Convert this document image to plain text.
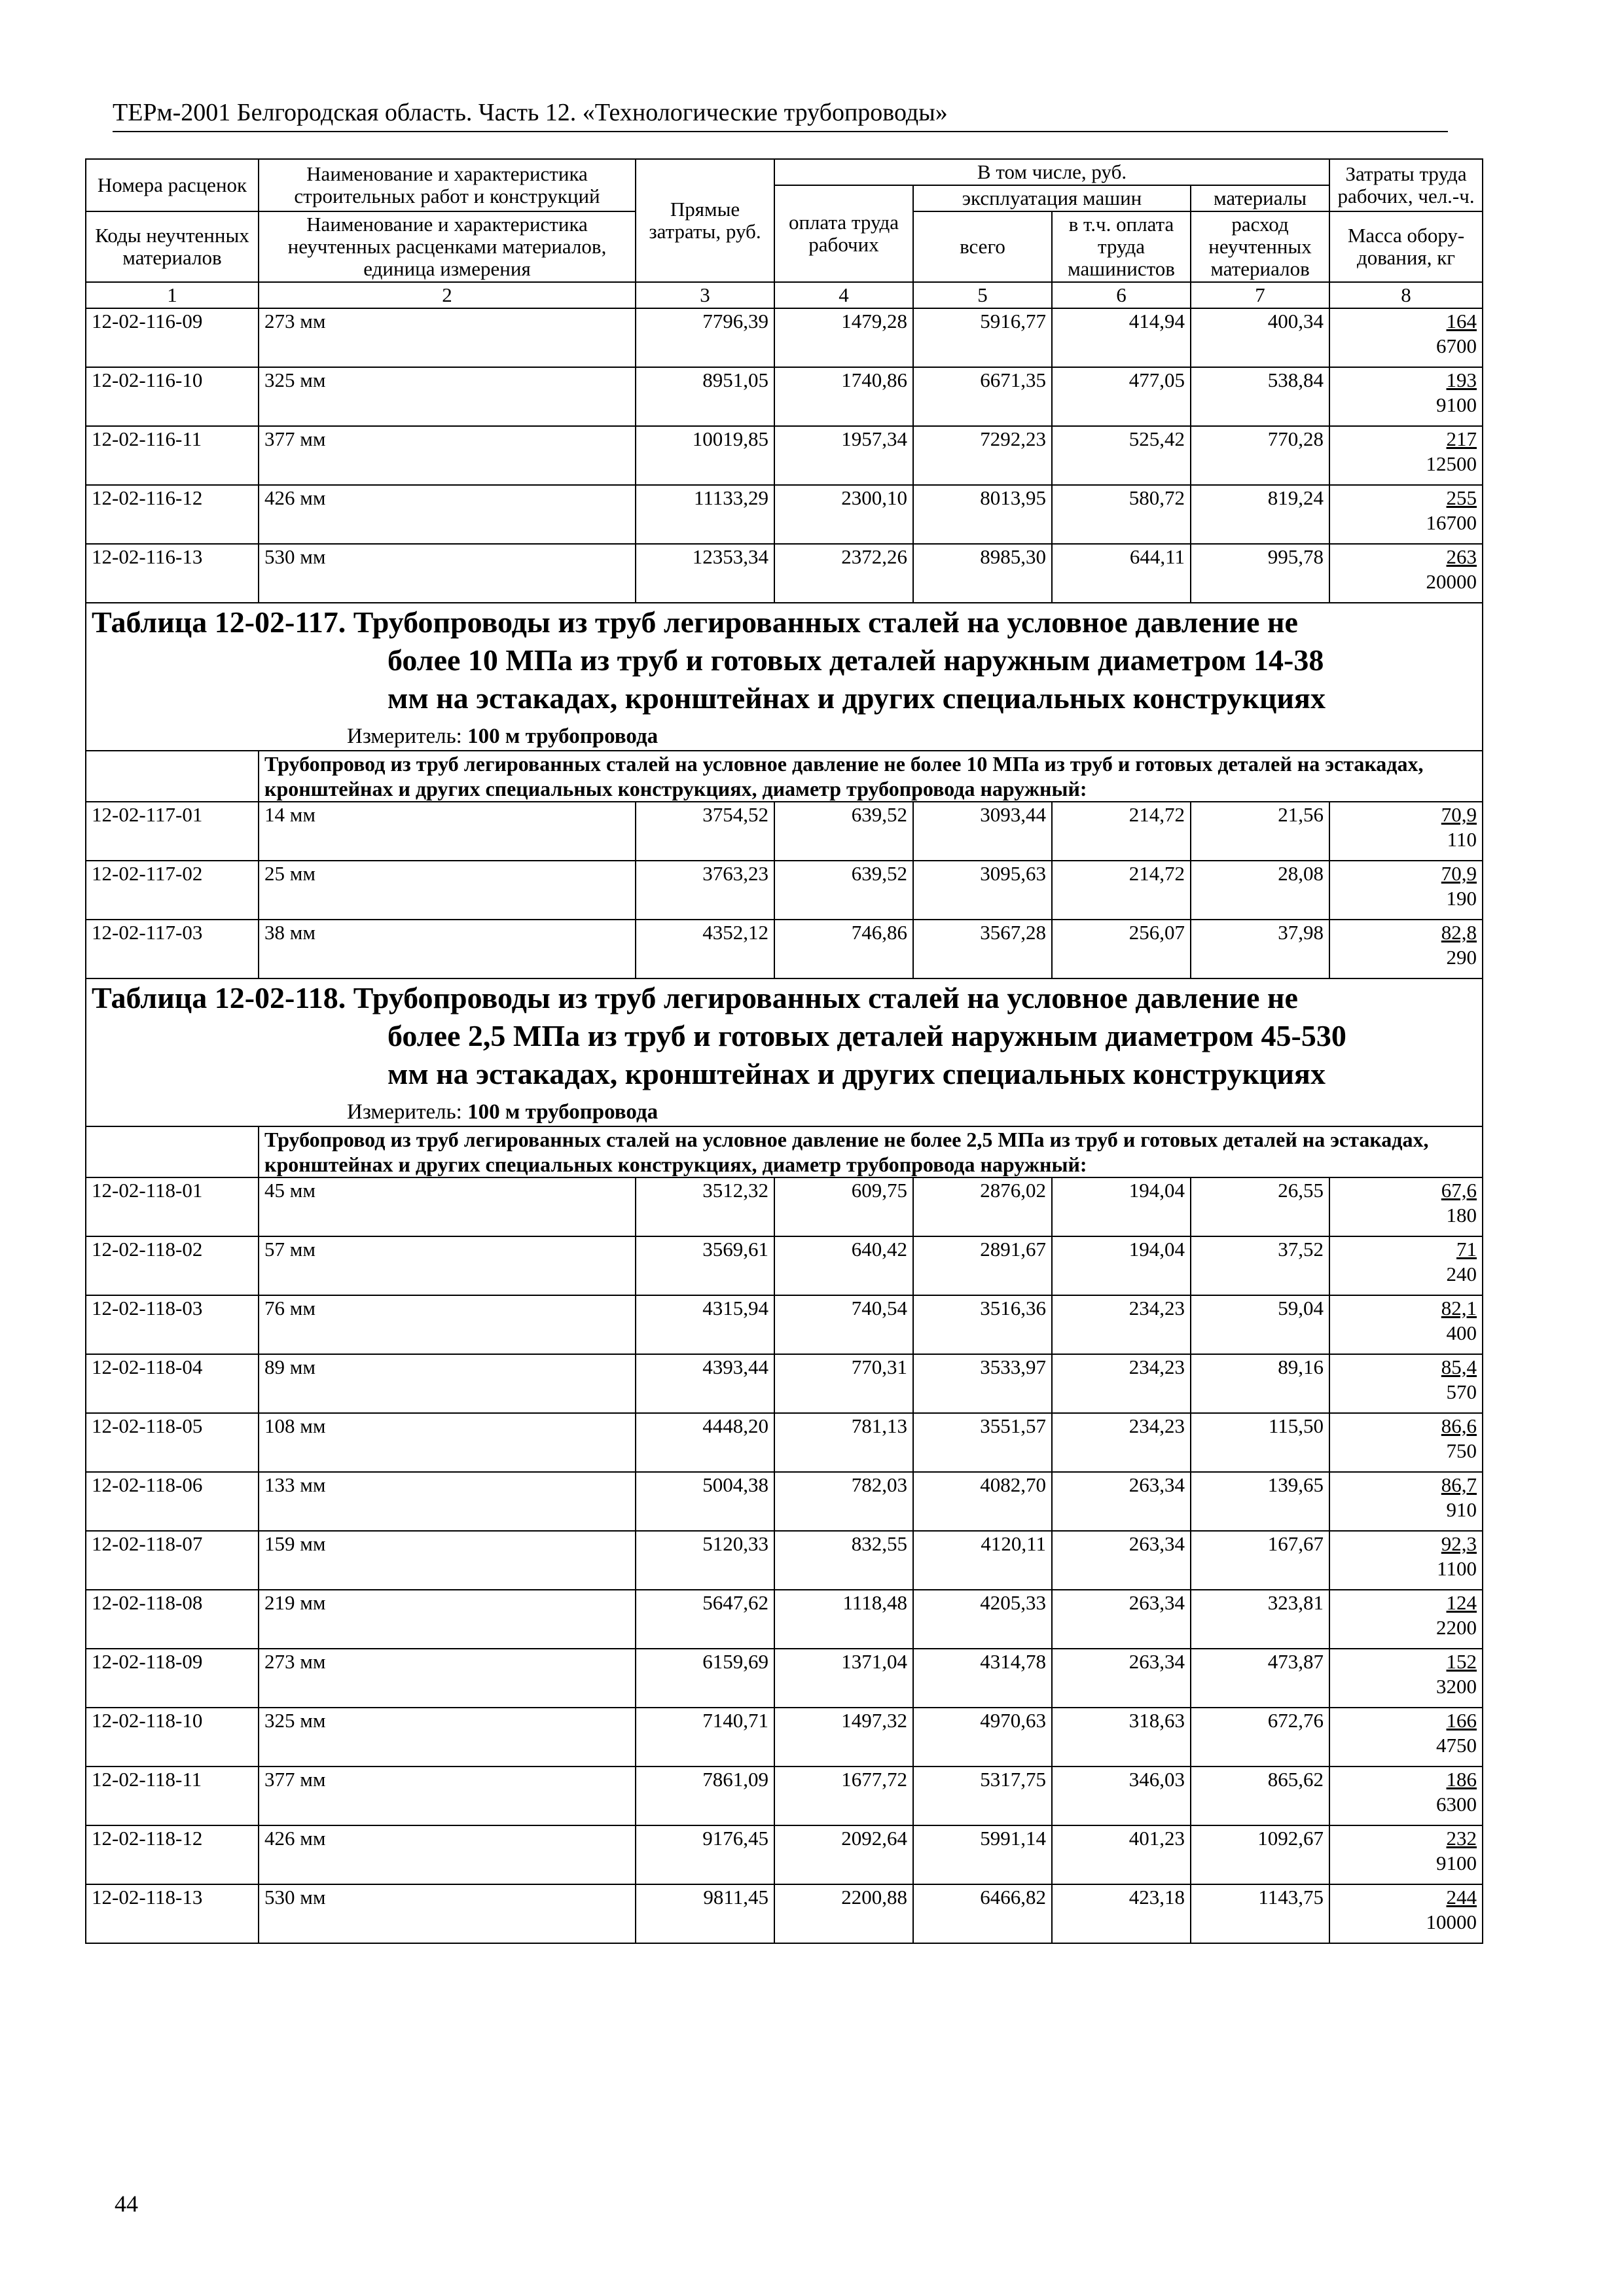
ТЕРм-2001 Белгородская область. Часть 12. «Технологические трубопроводы»
Номера расценок	Наименование и характеристика строительных работ и конструкций	Прямые затраты, руб.	В том числе, руб.				Затраты труда рабочих, чел.-ч.
			оплата труда рабочих	эксплуатация машин		материалы	
Коды неучтенных материалов	Наименование и характеристика неучтенных расценками материалов, единица измерения			всего	в т.ч. оплата труда машинистов	расход неучтенных материалов	
							Масса обору-дования, кг
1	2	3	4	5	6	7	8
12-02-116-09	273 мм	7796,39	1479,28	5916,77	414,94	400,34	164
6700

12-02-116-10	325 мм	8951,05	1740,86	6671,35	477,05	538,84	193
9100

12-02-116-11	377 мм	10019,85	1957,34	7292,23	525,42	770,28	217
12500

12-02-116-12	426 мм	11133,29	2300,10	8013,95	580,72	819,24	255
16700

12-02-116-13	530 мм	12353,34	2372,26	8985,30	644,11	995,78	263
20000

Таблица 12-02-117. Трубопроводы из труб легированных сталей на условное давление не
более 10 МПа из труб и готовых деталей наружным диаметром 14-38
мм на эстакадах, кронштейнах и других специальных конструкциях
Измеритель: 100 м трубопровода							

	Трубопровод из труб легированных сталей на условное давление не более 10 МПа из труб и готовых деталей на эстакадах, кронштейнах и других специальных конструкциях, диаметр трубопровода наружный:						
12-02-117-01	14 мм	3754,52	639,52	3093,44	214,72	21,56	70,9
110

12-02-117-02	25 мм	3763,23	639,52	3095,63	214,72	28,08	70,9
190

12-02-117-03	38 мм	4352,12	746,86	3567,28	256,07	37,98	82,8
290

Таблица 12-02-118. Трубопроводы из труб легированных сталей на условное давление не
более 2,5 МПа из труб и готовых деталей наружным диаметром 45-530
мм на эстакадах, кронштейнах и других специальных конструкциях
Измеритель: 100 м трубопровода							

	Трубопровод из труб легированных сталей на условное давление не более 2,5 МПа из труб и готовых деталей на эстакадах, кронштейнах и других специальных конструкциях, диаметр трубопровода наружный:						
12-02-118-01	45 мм	3512,32	609,75	2876,02	194,04	26,55	67,6
180

12-02-118-02	57 мм	3569,61	640,42	2891,67	194,04	37,52	71
240

12-02-118-03	76 мм	4315,94	740,54	3516,36	234,23	59,04	82,1
400

12-02-118-04	89 мм	4393,44	770,31	3533,97	234,23	89,16	85,4
570

12-02-118-05	108 мм	4448,20	781,13	3551,57	234,23	115,50	86,6
750

12-02-118-06	133 мм	5004,38	782,03	4082,70	263,34	139,65	86,7
910

12-02-118-07	159 мм	5120,33	832,55	4120,11	263,34	167,67	92,3
1100

12-02-118-08	219 мм	5647,62	1118,48	4205,33	263,34	323,81	124
2200

12-02-118-09	273 мм	6159,69	1371,04	4314,78	263,34	473,87	152
3200

12-02-118-10	325 мм	7140,71	1497,32	4970,63	318,63	672,76	166
4750

12-02-118-11	377 мм	7861,09	1677,72	5317,75	346,03	865,62	186
6300

12-02-118-12	426 мм	9176,45	2092,64	5991,14	401,23	1092,67	232
9100

12-02-118-13	530 мм	9811,45	2200,88	6466,82	423,18	1143,75	244
10000
44
